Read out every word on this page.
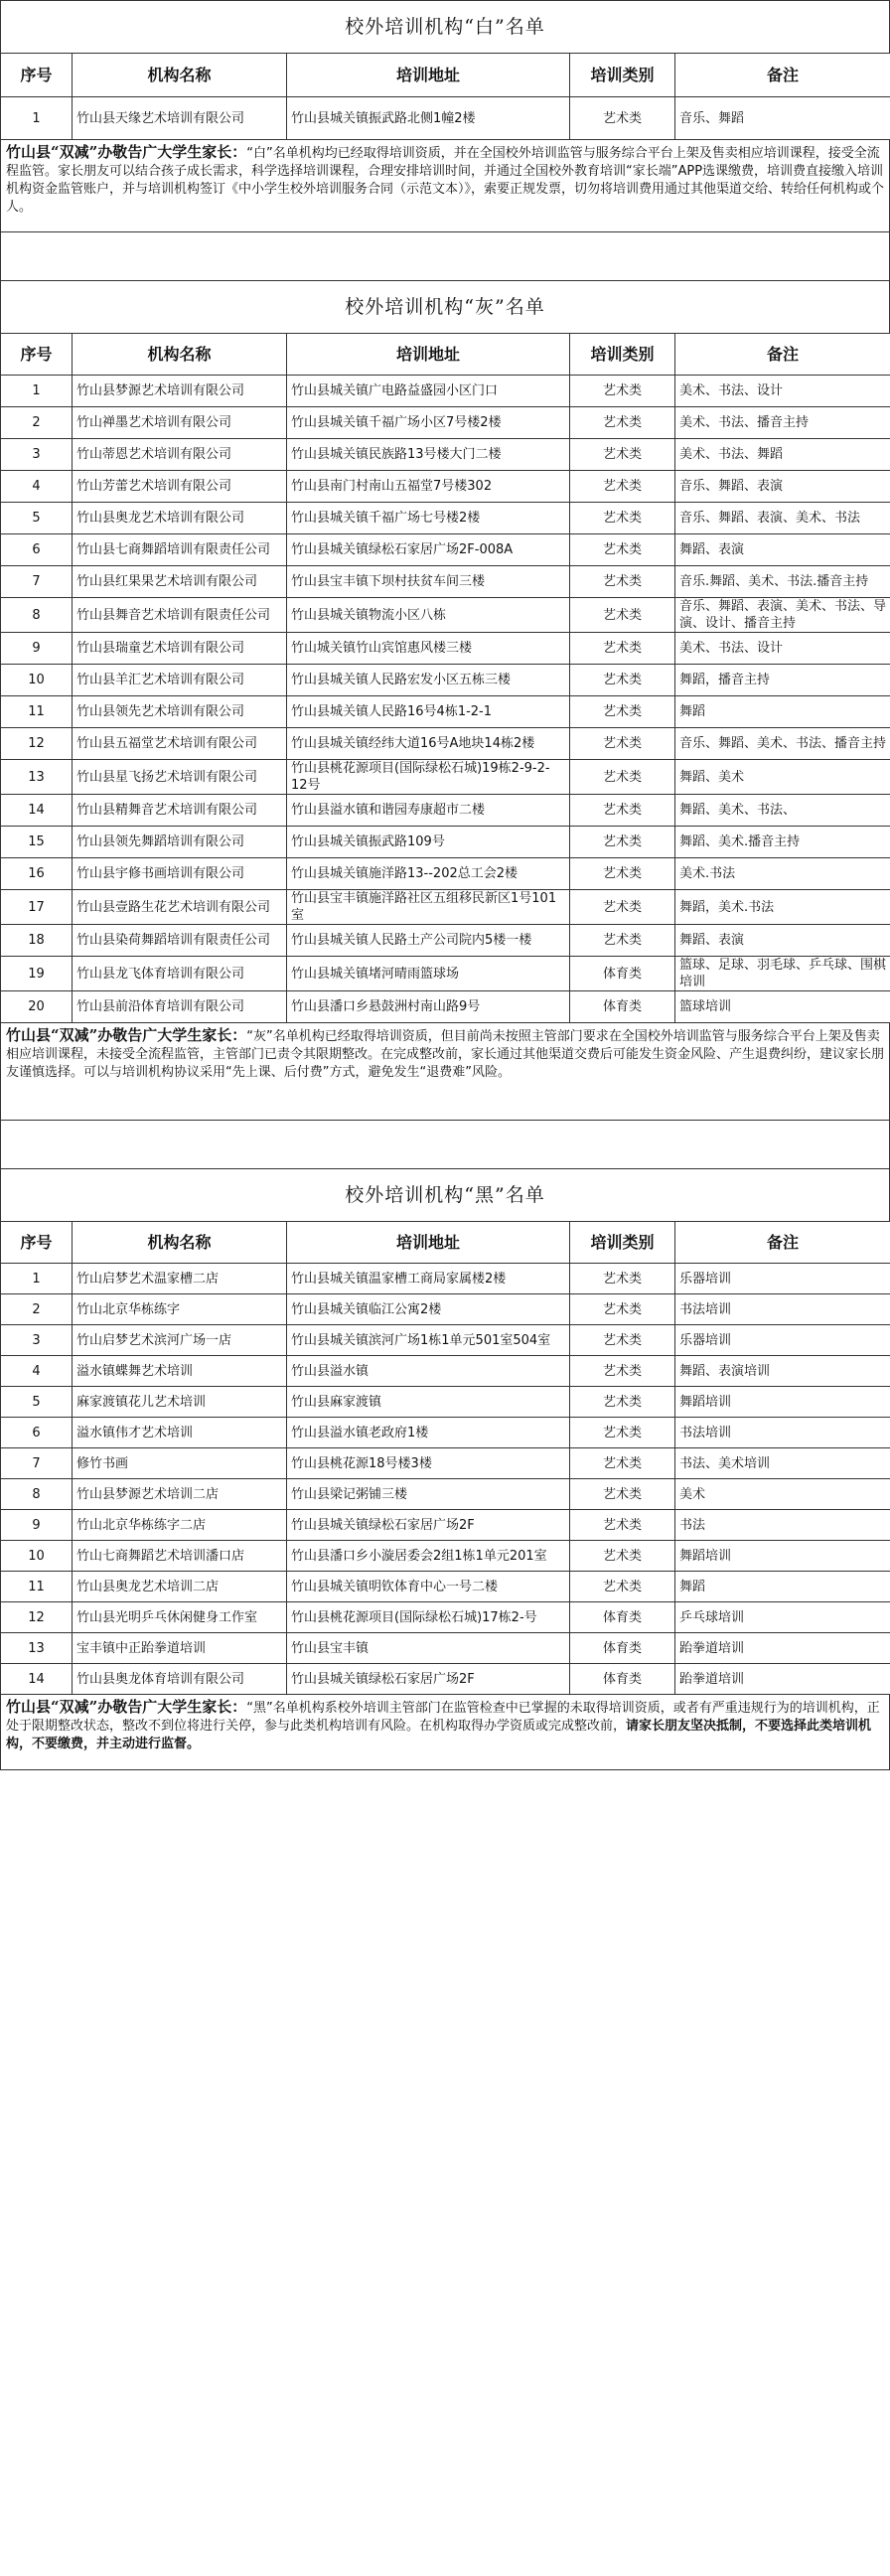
校外培训机构“白”名单
序号	机构名称	培训地址	培训类别	备注
1	竹山县天缘艺术培训有限公司	竹山县城关镇振武路北侧1幢2楼	艺术类	音乐、舞蹈
竹山县“双减”办敬告广大学生家长：“白”名单机构均已经取得培训资质，并在全国校外培训监管与服务综合平台上架及售卖相应培训课程，接受全流程监管。家长朋友可以结合孩子成长需求，科学选择培训课程，合理安排培训时间，并通过全国校外教育培训“家长端”APP选课缴费，培训费直接缴入培训机构资金监管账户，并与培训机构签订《中小学生校外培训服务合同（示范文本）》，索要正规发票，切勿将培训费用通过其他渠道交给、转给任何机构或个人。
校外培训机构“灰”名单
序号	机构名称	培训地址	培训类别	备注
1	竹山县梦源艺术培训有限公司	竹山县城关镇广电路益盛园小区门口	艺术类	美术、书法、设计
2	竹山禅墨艺术培训有限公司	竹山县城关镇千福广场小区7号楼2楼	艺术类	美术、书法、播音主持
3	竹山蒂恩艺术培训有限公司	竹山县城关镇民族路13号楼大门二楼	艺术类	美术、书法、舞蹈
4	竹山芳蕾艺术培训有限公司	竹山县南门村南山五福堂7号楼302	艺术类	音乐、舞蹈、表演
5	竹山县奥龙艺术培训有限公司	竹山县城关镇千福广场七号楼2楼	艺术类	音乐、舞蹈、表演、美术、书法
6	竹山县七商舞蹈培训有限责任公司	竹山县城关镇绿松石家居广场2F-008A	艺术类	舞蹈、表演
7	竹山县红果果艺术培训有限公司	竹山县宝丰镇下坝村扶贫车间三楼	艺术类	音乐.舞蹈、美术、书法.播音主持
8	竹山县舞音艺术培训有限责任公司	竹山县城关镇物流小区八栋	艺术类	音乐、舞蹈、表演、美术、书法、导演、设计、播音主持
9	竹山县瑞童艺术培训有限公司	竹山城关镇竹山宾馆惠风楼三楼	艺术类	美术、书法、设计
10	竹山县羊汇艺术培训有限公司	竹山县城关镇人民路宏发小区五栋三楼	艺术类	舞蹈，播音主持
11	竹山县领先艺术培训有限公司	竹山县城关镇人民路16号4栋1-2-1	艺术类	舞蹈
12	竹山县五福堂艺术培训有限公司	竹山县城关镇经纬大道16号A地块14栋2楼	艺术类	音乐、舞蹈、美术、书法、播音主持
13	竹山县星飞扬艺术培训有限公司	竹山县桃花源项目(国际绿松石城)19栋2-9-2-12号	艺术类	舞蹈、美术
14	竹山县精舞音艺术培训有限公司	竹山县溢水镇和谐园寿康超市二楼	艺术类	舞蹈、美术、书法、
15	竹山县领先舞蹈培训有限公司	竹山县城关镇振武路109号	艺术类	舞蹈、美术.播音主持
16	竹山县宇修书画培训有限公司	竹山县城关镇施洋路13--202总工会2楼	艺术类	美术.书法
17	竹山县壹路生花艺术培训有限公司	竹山县宝丰镇施洋路社区五组移民新区1号101室	艺术类	舞蹈，美术.书法
18	竹山县染荷舞蹈培训有限责任公司	竹山县城关镇人民路土产公司院内5楼一楼	艺术类	舞蹈、表演
19	竹山县龙飞体育培训有限公司	竹山县城关镇堵河晴雨篮球场	体育类	篮球、足球、羽毛球、乒乓球、围棋培训
20	竹山县前沿体育培训有限公司	竹山县潘口乡悬鼓洲村南山路9号	体育类	篮球培训
竹山县“双减”办敬告广大学生家长：“灰”名单机构已经取得培训资质，但目前尚未按照主管部门要求在全国校外培训监管与服务综合平台上架及售卖相应培训课程，未接受全流程监管，主管部门已责令其限期整改。在完成整改前，家长通过其他渠道交费后可能发生资金风险、产生退费纠纷，建议家长朋友谨慎选择。可以与培训机构协议采用“先上课、后付费”方式，避免发生“退费难”风险。
校外培训机构“黑”名单
序号	机构名称	培训地址	培训类别	备注
1	竹山启梦艺术温家槽二店	竹山县城关镇温家槽工商局家属楼2楼	艺术类	乐器培训
2	竹山北京华栋练字	竹山县城关镇临江公寓2楼	艺术类	书法培训
3	竹山启梦艺术滨河广场一店	竹山县城关镇滨河广场1栋1单元501室504室	艺术类	乐器培训
4	溢水镇蝶舞艺术培训	竹山县溢水镇	艺术类	舞蹈、表演培训
5	麻家渡镇花儿艺术培训	竹山县麻家渡镇	艺术类	舞蹈培训
6	溢水镇伟才艺术培训	竹山县溢水镇老政府1楼	艺术类	书法培训
7	修竹书画	竹山县桃花源18号楼3楼	艺术类	书法、美术培训
8	竹山县梦源艺术培训二店	竹山县梁记粥铺三楼	艺术类	美术
9	竹山北京华栋练字二店	竹山县城关镇绿松石家居广场2F	艺术类	书法
10	竹山七商舞蹈艺术培训潘口店	竹山县潘口乡小漩居委会2组1栋1单元201室	艺术类	舞蹈培训
11	竹山县奥龙艺术培训二店	竹山县城关镇明钦体育中心一号二楼	艺术类	舞蹈
12	竹山县光明乒乓休闲健身工作室	竹山县桃花源项目(国际绿松石城)17栋2-号	体育类	乒乓球培训
13	宝丰镇中正跆拳道培训	竹山县宝丰镇	体育类	跆拳道培训
14	竹山县奥龙体育培训有限公司	竹山县城关镇绿松石家居广场2F	体育类	跆拳道培训
竹山县“双减”办敬告广大学生家长：“黑”名单机构系校外培训主管部门在监管检查中已掌握的未取得培训资质，或者有严重违规行为的培训机构，正处于限期整改状态，整改不到位将进行关停，参与此类机构培训有风险。在机构取得办学资质或完成整改前，请家长朋友坚决抵制，不要选择此类培训机构，不要缴费，并主动进行监督。
